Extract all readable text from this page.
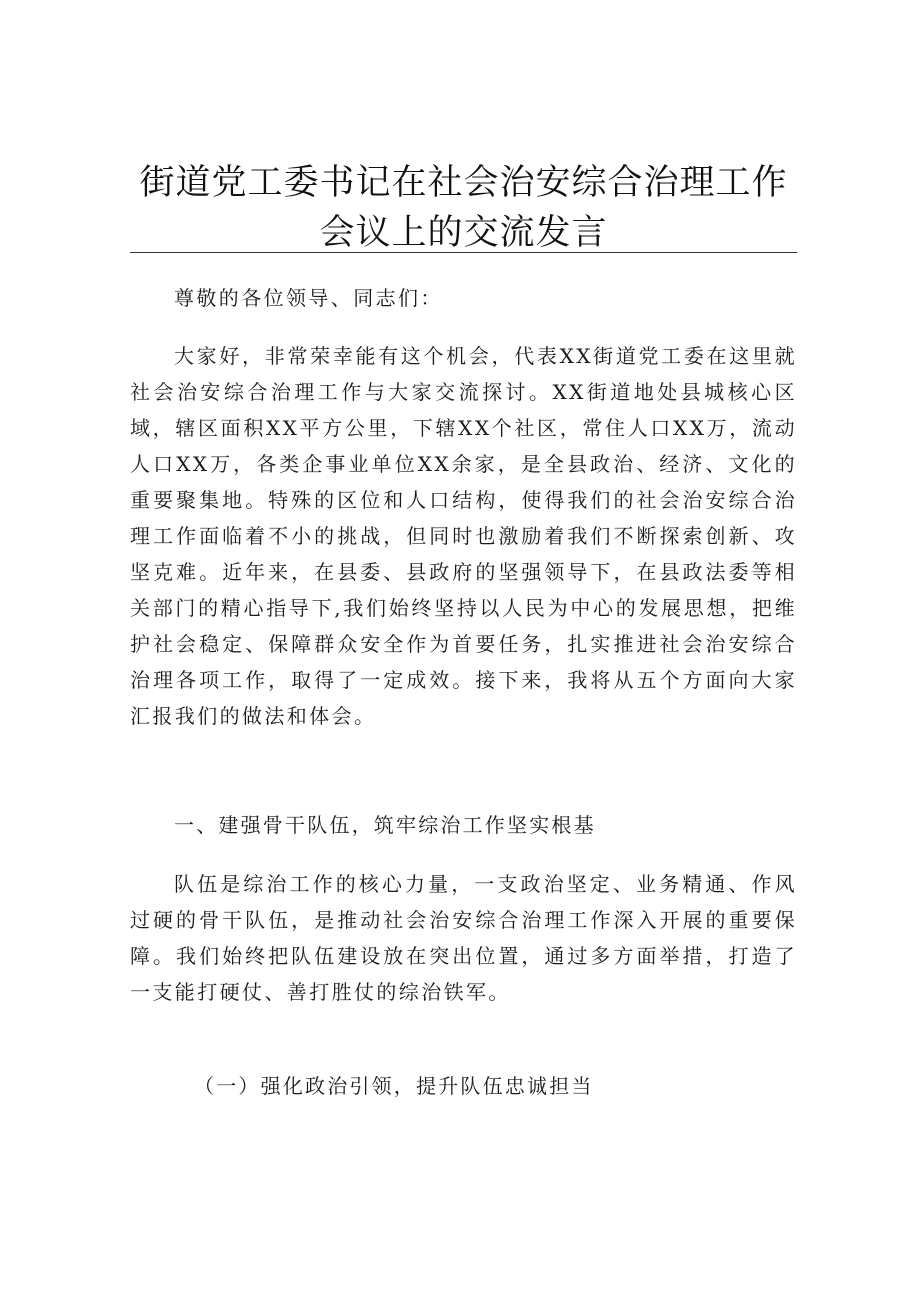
街道党工委书记在社会治安综合治理工作会议上的交流发言

尊敬的各位领导、同志们：

大家好，非常荣幸能有这个机会，代表XX街道党工委在这里就社会治安综合治理工作与大家交流探讨。XX街道地处县城核心区域，辖区面积XX平方公里，下辖XX个社区，常住人口XX万，流动人口XX万，各类企事业单位XX余家，是全县政治、经济、文化的重要聚集地。特殊的区位和人口结构，使得我们的社会治安综合治理工作面临着不小的挑战，但同时也激励着我们不断探索创新、攻坚克难。近年来，在县委、县政府的坚强领导下，在县政法委等相关部门的精心指导下,我们始终坚持以人民为中心的发展思想，把维护社会稳定、保障群众安全作为首要任务，扎实推进社会治安综合治理各项工作，取得了一定成效。接下来，我将从五个方面向大家汇报我们的做法和体会。

一、建强骨干队伍，筑牢综治工作坚实根基

队伍是综治工作的核心力量，一支政治坚定、业务精通、作风过硬的骨干队伍，是推动社会治安综合治理工作深入开展的重要保障。我们始终把队伍建设放在突出位置，通过多方面举措，打造了一支能打硬仗、善打胜仗的综治铁军。

（一）强化政治引领，提升队伍忠诚担当
